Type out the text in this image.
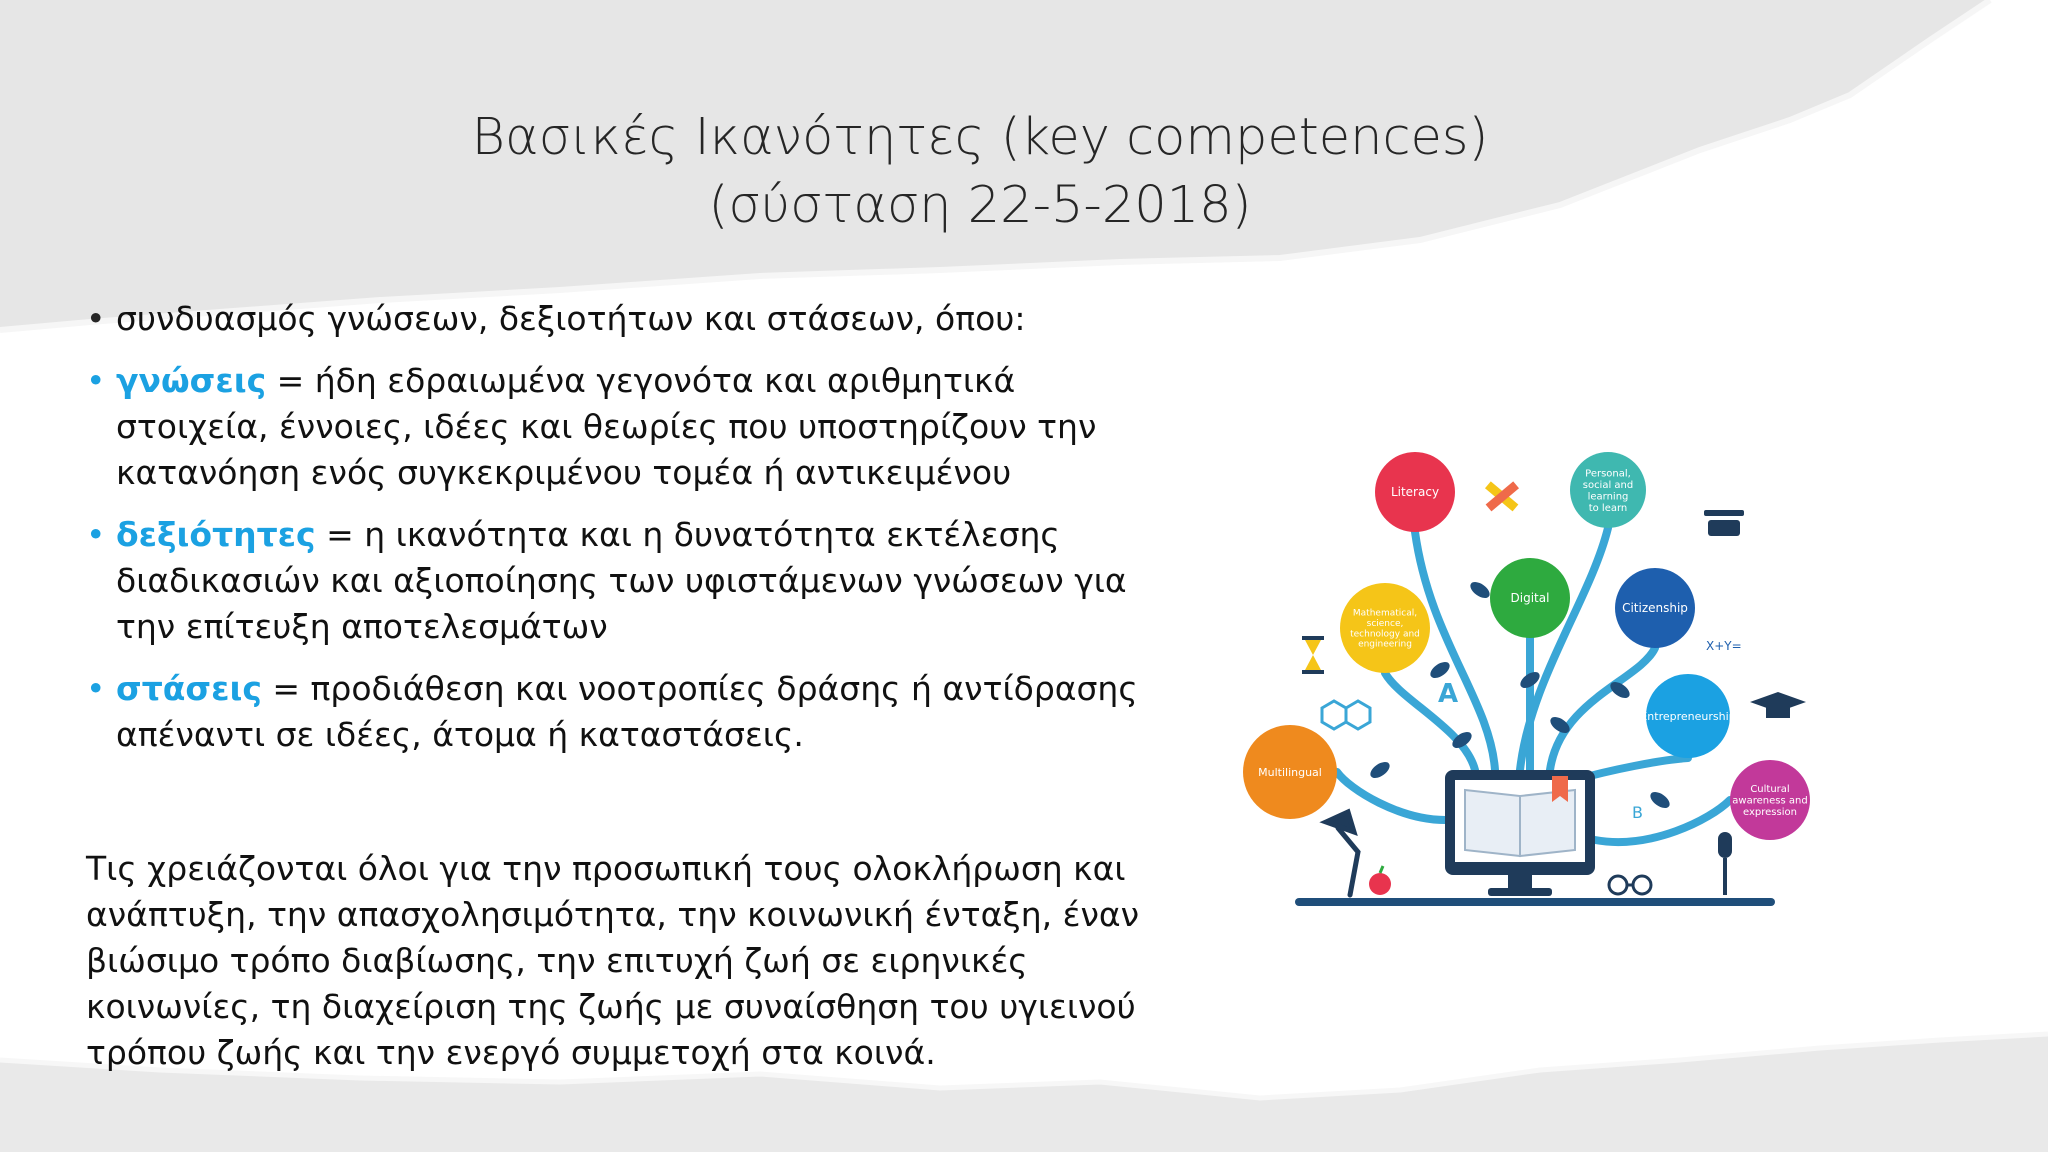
Βασικές Ικανότητες (key competences)
(σύσταση 22-5-2018)
• συνδυασμός γνώσεων, δεξιοτήτων και στάσεων, όπου:
• γνώσεις = ήδη εδραιωμένα γεγονότα και αριθμητικά στοιχεία, έννοιες, ιδέες και θεωρίες που υποστηρίζουν την κατανόηση ενός συγκεκριμένου τομέα ή αντικειμένου
• δεξιότητες = η ικανότητα και η δυνατότητα εκτέλεσης διαδικασιών και αξιοποίησης των υφιστάμενων γνώσεων για την επίτευξη αποτελεσμάτων
• στάσεις = προδιάθεση και νοοτροπίες δράσης ή αντίδρασης απέναντι σε ιδέες, άτομα ή καταστάσεις.
Τις χρειάζονται όλοι για την προσωπική τους ολοκλήρωση και ανάπτυξη, την απασχολησιμότητα, την κοινωνική ένταξη, έναν βιώσιμο τρόπο διαβίωσης, την επιτυχή ζωή σε ειρηνικές κοινωνίες, τη διαχείριση της ζωής με συναίσθηση του υγιεινού τρόπου ζωής και την ενεργό συμμετοχή στα κοινά.
A
B
X+Y=
Literacy
Personal,
social and
learning
to learn
Mathematical,
science,
technology and
engineering
Digital
Citizenship
Entrepreneurship
Multilingual
Cultural
awareness and
expression
